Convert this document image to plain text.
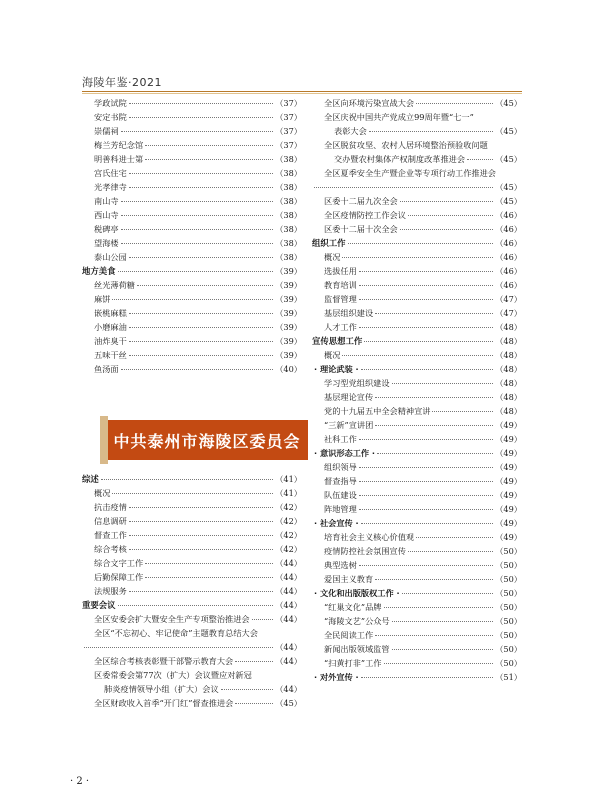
海陵年鉴·2021
学政试院	（37）
安定书院	（37）
崇儒祠	（37）
梅兰芳纪念馆	（37）
明善科进士第	（38）
宫氏住宅	（38）
光孝律寺	（38）
南山寺	（38）
西山寺	（38）
税碑亭	（38）
望海楼	（38）
泰山公园	（38）
地方美食	（39）
丝光薄荷糖	（39）
麻饼	（39）
嵌桃麻糕	（39）
小磨麻油	（39）
油炸臭干	（39）
五味干丝	（39）
鱼汤面	（40）
中共泰州市海陵区委员会
综述	（41）
概况	（41）
抗击疫情	（42）
信息调研	（42）
督查工作	（42）
综合考核	（42）
综合文字工作	（44）
后勤保障工作	（44）
法规服务	（44）
重要会议	（44）
全区安委会扩大暨安全生产专项整治推进会	（44）
全区“不忘初心、牢记使命”主题教育总结大会
（44）
全区综合考核表彰暨干部警示教育大会	（44）
区委常委会第77次（扩大）会议暨应对新冠
肺炎疫情领导小组（扩大）会议	（44）
全区财政收入首季“开门红”督查推进会	（45）
全区向环境污染宣战大会	（45）
全区庆祝中国共产党成立99周年暨“七一”
表彰大会	（45）
全区脱贫攻坚、农村人居环境整治预验收问题
交办暨农村集体产权制度改革推进会	（45）
全区夏季安全生产暨企业等专项行动工作推进会
（45）
区委十二届九次全会	（45）
全区疫情防控工作会议	（46）
区委十二届十次全会	（46）
组织工作	（46）
概况	（46）
选拔任用	（46）
教育培训	（46）
监督管理	（47）
基层组织建设	（47）
人才工作	（48）
宣传思想工作	（48）
概况	（48）
· 理论武装 ·	（48）
学习型党组织建设	（48）
基层理论宣传	（48）
党的十九届五中全会精神宣讲	（48）
“三新”宣讲团	（49）
社科工作	（49）
· 意识形态工作 ·	（49）
组织领导	（49）
督查指导	（49）
队伍建设	（49）
阵地管理	（49）
· 社会宣传 ·	（49）
培育社会主义核心价值观	（49）
疫情防控社会氛围宣传	（50）
典型选树	（50）
爱国主义教育	（50）
· 文化和出版版权工作 ·	（50）
“红巢文化”品牌	（50）
“海陵文艺”公众号	（50）
全民阅读工作	（50）
新闻出版领域监管	（50）
“扫黄打非”工作	（50）
· 对外宣传 ·	（51）
· 2 ·
